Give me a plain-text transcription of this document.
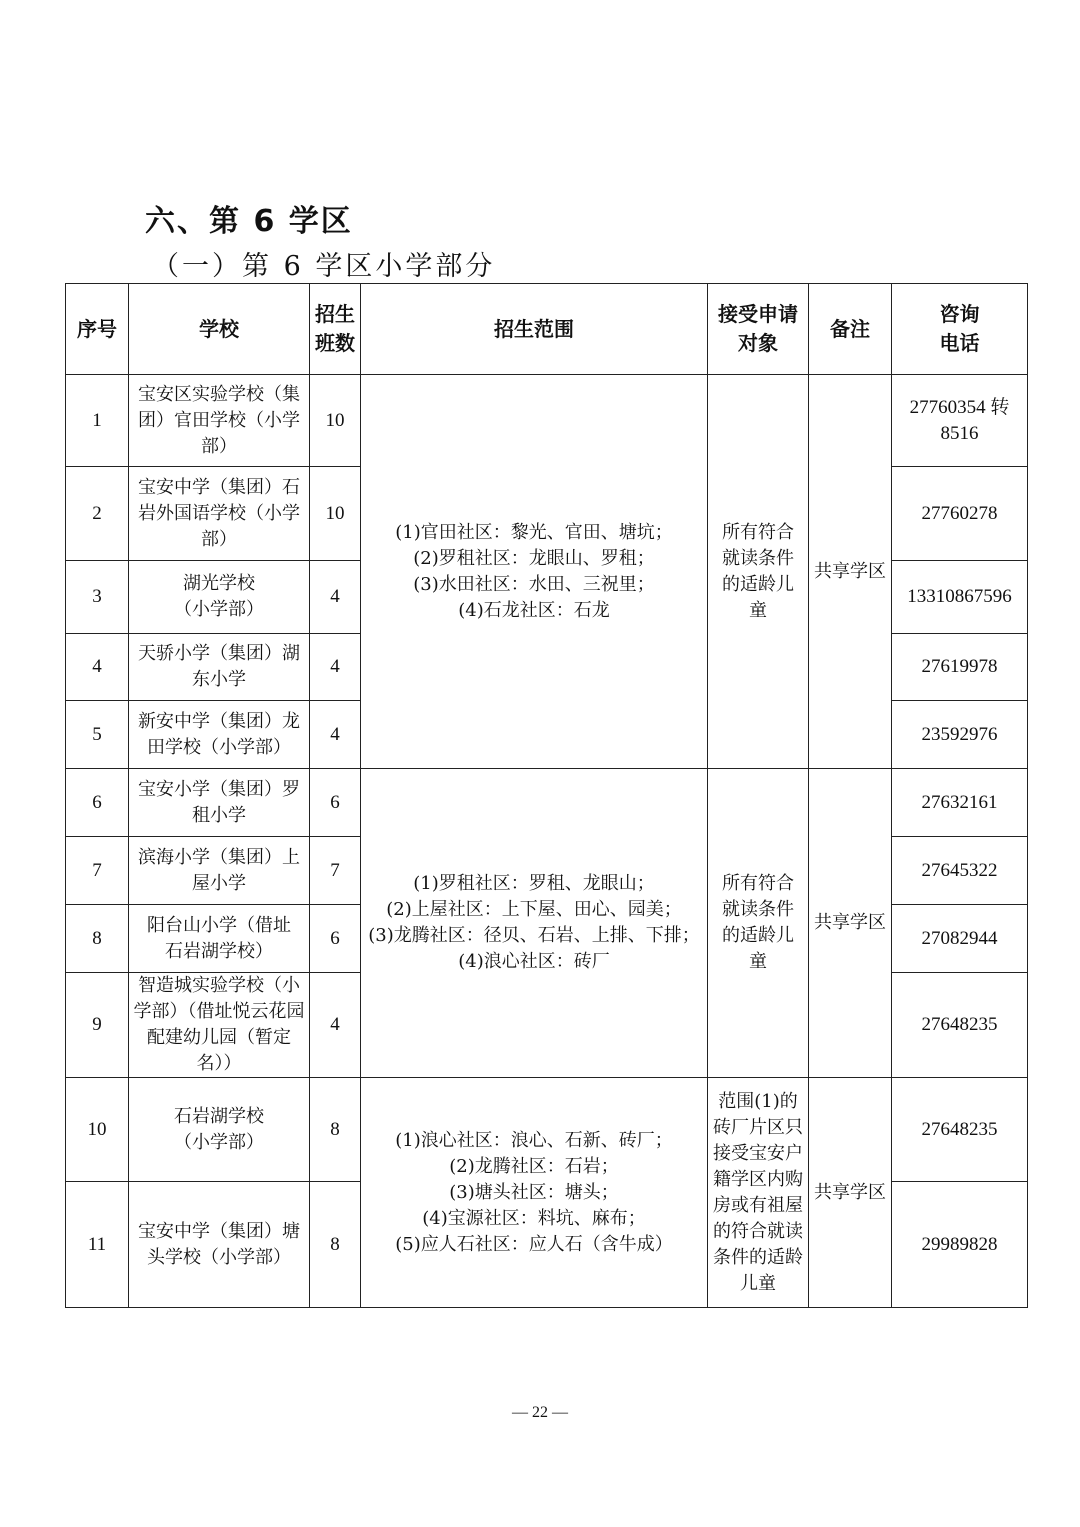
六、第 6 学区
（一）第 6 学区小学部分
序号	学校	招生班数	招生范围	接受申请对象	备注	咨询电话
1	宝安区实验学校（集团）官田学校（小学部）	10	(1)官田社区：黎光、官田、塘坑；
(2)罗租社区：龙眼山、罗租；
(3)水田社区：水田、三祝里；
(4)石龙社区：石龙	所有符合就读条件的适龄儿童	共享学区	27760354 转8516
2	宝安中学（集团）石岩外国语学校（小学部）	10				27760278
3	湖光学校（小学部）	4				13310867596
4	天骄小学（集团）湖东小学	4				27619978
5	新安中学（集团）龙田学校（小学部）	4				23592976
6	宝安小学（集团）罗租小学	6	(1)罗租社区：罗租、龙眼山；
(2)上屋社区：上下屋、田心、园美；
(3)龙腾社区：径贝、石岩、上排、下排；
(4)浪心社区：砖厂	所有符合就读条件的适龄儿童	共享学区	27632161
7	滨海小学（集团）上屋小学	7				27645322
8	阳台山小学（借址石岩湖学校）	6				27082944
9	智造城实验学校（小学部）（借址悦云花园配建幼儿园（暂定名））	4				27648235
10	石岩湖学校（小学部）	8	(1)浪心社区：浪心、石新、砖厂；
(2)龙腾社区：石岩；
(3)塘头社区：塘头；
(4)宝源社区：料坑、麻布；
(5)应人石社区：应人石（含牛成）	范围(1)的砖厂片区只接受宝安户籍学区内购房或有祖屋的符合就读条件的适龄儿童	共享学区	27648235
11	宝安中学（集团）塘头学校（小学部）	8				29989828
— 22 —
